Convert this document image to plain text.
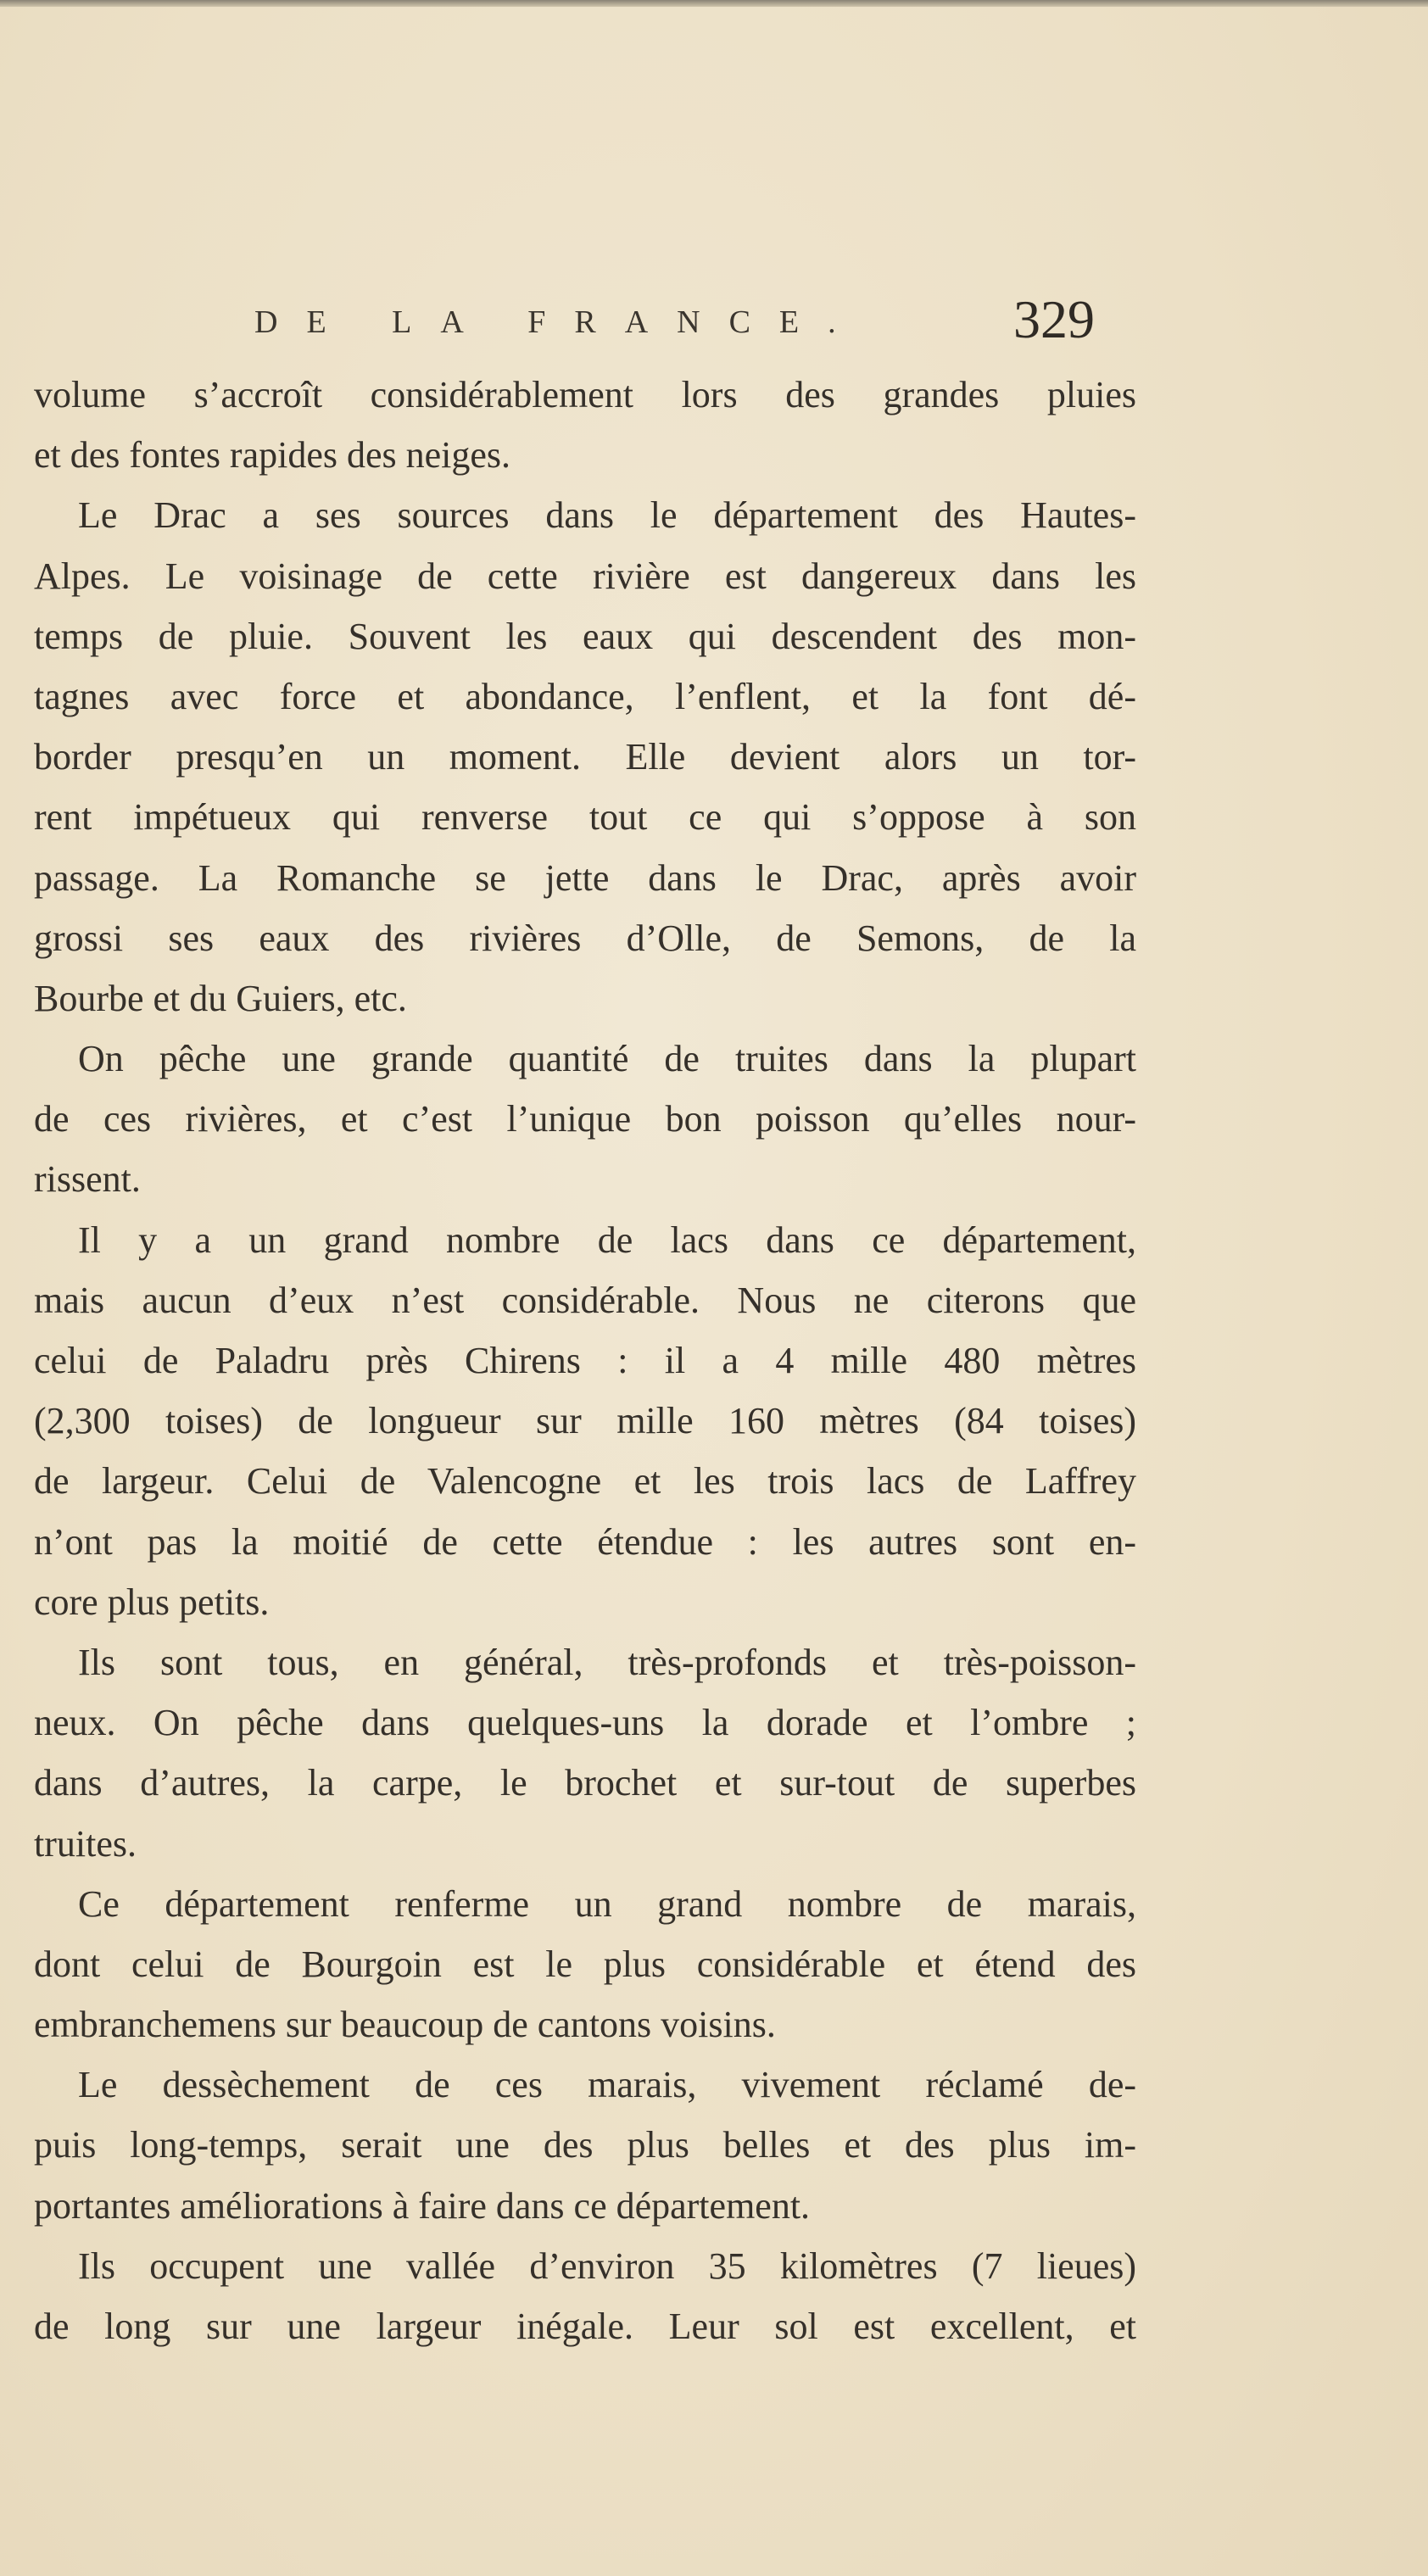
DE LA FRANCE.	329
volume s’accroît considérablement lors des grandes pluies
et des fontes rapides des neiges.
Le Drac a ses sources dans le département des Hautes-
Alpes. Le voisinage de cette rivière est dangereux dans les
temps de pluie. Souvent les eaux qui descendent des mon-
tagnes avec force et abondance, l’enflent, et la font dé-
border presqu’en un moment. Elle devient alors un tor-
rent impétueux qui renverse tout ce qui s’oppose à son
passage. La Romanche se jette dans le Drac, après avoir
grossi ses eaux des rivières d’Olle, de Semons, de la
Bourbe et du Guiers, etc.
On pêche une grande quantité de truites dans la plupart
de ces rivières, et c’est l’unique bon poisson qu’elles nour-
rissent.
Il y a un grand nombre de lacs dans ce département,
mais aucun d’eux n’est considérable. Nous ne citerons que
celui de Paladru près Chirens : il a 4 mille 480 mètres
(2,300 toises) de longueur sur mille 160 mètres (84 toises)
de largeur. Celui de Valencogne et les trois lacs de Laffrey
n’ont pas la moitié de cette étendue : les autres sont en-
core plus petits.
Ils sont tous, en général, très-profonds et très-poisson-
neux. On pêche dans quelques-uns la dorade et l’ombre ;
dans d’autres, la carpe, le brochet et sur-tout de superbes
truites.
Ce département renferme un grand nombre de marais,
dont celui de Bourgoin est le plus considérable et étend des
embranchemens sur beaucoup de cantons voisins.
Le dessèchement de ces marais, vivement réclamé de-
puis long-temps, serait une des plus belles et des plus im-
portantes améliorations à faire dans ce département.
Ils occupent une vallée d’environ 35 kilomètres (7 lieues)
de long sur une largeur inégale. Leur sol est excellent, et
